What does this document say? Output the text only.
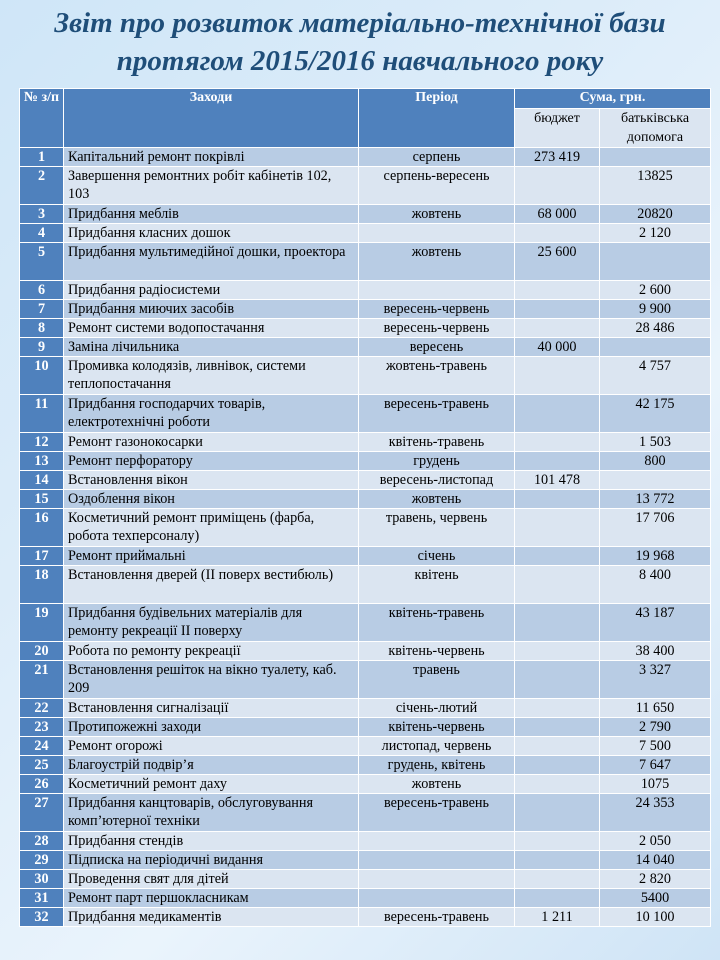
Звіт про розвиток матеріально-технічної бази
протягом 2015/2016 навчального року
№ з/п	Заходи	Період	Сума, грн.	
			бюджет	батьківська допомога
1	Капітальний ремонт покрівлі	серпень	273 419	
2	Завершення ремонтних робіт кабінетів 102, 103	серпень-вересень		13825
3	Придбання меблів	жовтень	68 000	20820
4	Придбання класних дошок			2 120
5	Придбання мультимедійної дошки, проектора	жовтень	25 600	
6	Придбання радіосистеми			2 600
7	Придбання миючих засобів	вересень-червень		9 900
8	Ремонт системи водопостачання	вересень-червень		28 486
9	Заміна лічильника	вересень	40 000	
10	Промивка колодязів, ливнівок, системи теплопостачання	жовтень-травень		4 757
11	Придбання господарчих товарів, електротехнічні роботи	вересень-травень		42 175
12	Ремонт газонокосарки	квітень-травень		1 503
13	Ремонт перфоратору	грудень		800
14	Встановлення вікон	вересень-листопад	101 478	
15	Оздоблення вікон	жовтень		13 772
16	Косметичний ремонт приміщень (фарба, робота техперсоналу)	травень, червень		17 706
17	Ремонт приймальні	січень		19 968
18	Встановлення дверей (ІІ поверх вестибюль)	квітень		8 400
19	Придбання будівельних матеріалів для ремонту рекреації ІІ поверху	квітень-травень		43 187
20	Робота по ремонту рекреації	квітень-червень		38 400
21	Встановлення решіток на вікно туалету, каб. 209	травень		3 327
22	Встановлення сигналізації	січень-лютий		11 650
23	Протипожежні заходи	квітень-червень		2 790
24	Ремонт огорожі	листопад, червень		7 500
25	Благоустрій подвір’я	грудень, квітень		7 647
26	Косметичний ремонт даху	жовтень		1075
27	Придбання канцтоварів, обслуговування комп’ютерної техніки	вересень-травень		24 353
28	Придбання стендів			2 050
29	Підписка на періодичні видання			14 040
30	Проведення свят для дітей			2 820
31	Ремонт парт першокласникам			5400
32	Придбання медикаментів	вересень-травень	1 211	10 100
